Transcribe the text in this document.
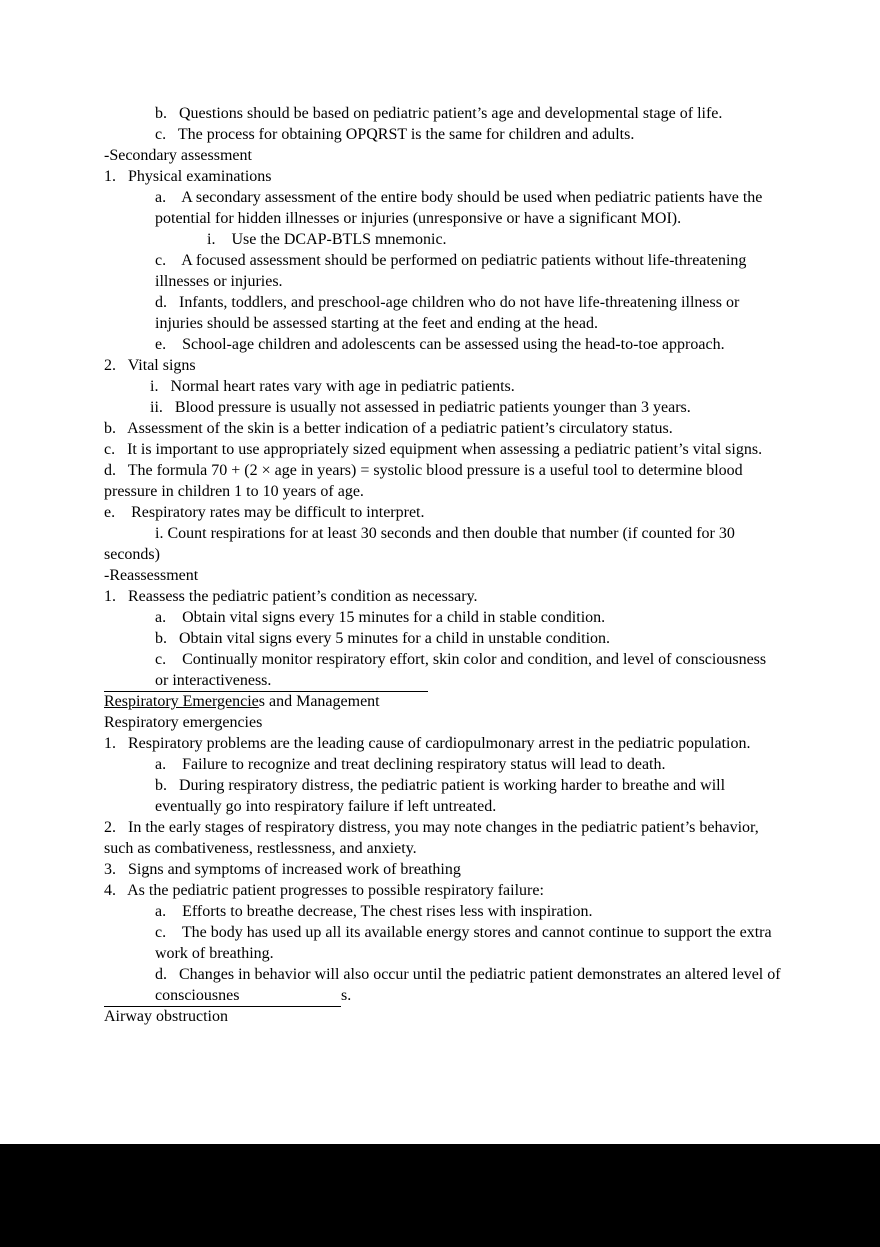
b.   Questions should be based on pediatric patient’s age and developmental stage of life.
c.   The process for obtaining OPQRST is the same for children and adults.
-Secondary assessment
1.   Physical examinations
a.    A secondary assessment of the entire body should be used when pediatric patients have the
potential for hidden illnesses or injuries (unresponsive or have a significant MOI).
i.    Use the DCAP-BTLS mnemonic.
c.    A focused assessment should be performed on pediatric patients without life-threatening
illnesses or injuries.
d.   Infants, toddlers, and preschool-age children who do not have life-threatening illness or
injuries should be assessed starting at the feet and ending at the head.
e.    School-age children and adolescents can be assessed using the head-to-toe approach.
2.   Vital signs
i.   Normal heart rates vary with age in pediatric patients.
ii.   Blood pressure is usually not assessed in pediatric patients younger than 3 years.
b.   Assessment of the skin is a better indication of a pediatric patient’s circulatory status.
c.   It is important to use appropriately sized equipment when assessing a pediatric patient’s vital signs.
d.   The formula 70 + (2 × age in years) = systolic blood pressure is a useful tool to determine blood
pressure in children 1 to 10 years of age.
e.    Respiratory rates may be difficult to interpret.
i. Count respirations for at least 30 seconds and then double that number (if counted for 30
seconds)
-Reassessment
1.   Reassess the pediatric patient’s condition as necessary.
a.    Obtain vital signs every 15 minutes for a child in stable condition.
b.   Obtain vital signs every 5 minutes for a child in unstable condition.
c.    Continually monitor respiratory effort, skin color and condition, and level of consciousness
or interactiveness.
Respiratory Emergencies and Management
Respiratory emergencies
1.   Respiratory problems are the leading cause of cardiopulmonary arrest in the pediatric population.
a.    Failure to recognize and treat declining respiratory status will lead to death.
b.   During respiratory distress, the pediatric patient is working harder to breathe and will
eventually go into respiratory failure if left untreated.
2.   In the early stages of respiratory distress, you may note changes in the pediatric patient’s behavior,
such as combativeness, restlessness, and anxiety.
3.   Signs and symptoms of increased work of breathing
4.   As the pediatric patient progresses to possible respiratory failure:
a.    Efforts to breathe decrease, The chest rises less with inspiration.
c.    The body has used up all its available energy stores and cannot continue to support the extra
work of breathing.
d.   Changes in behavior will also occur until the pediatric patient demonstrates an altered level of
consciousnes	s.
Airway obstruction
